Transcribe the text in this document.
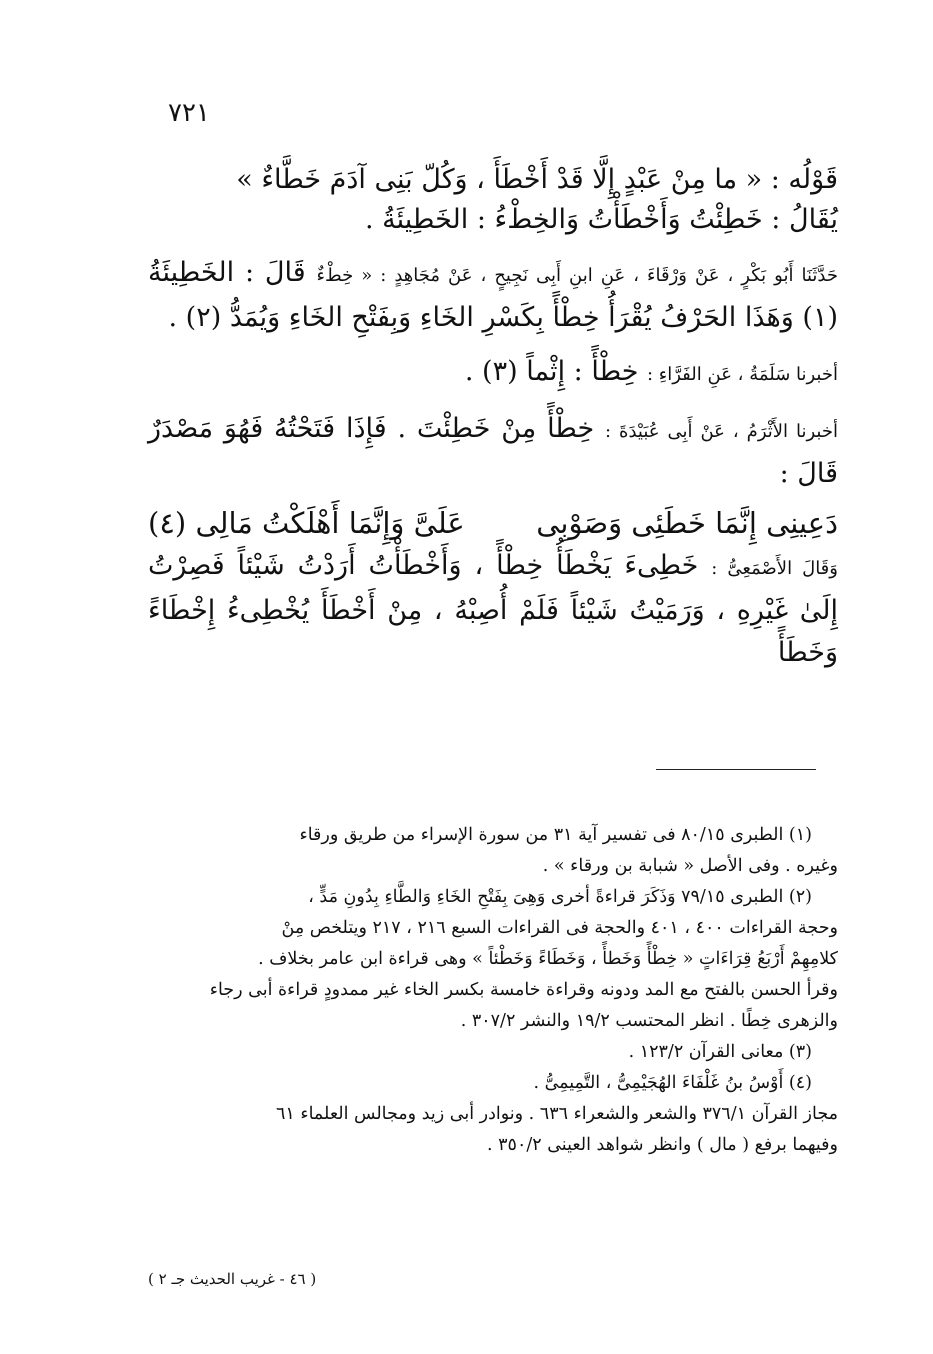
٧٢١

قَوْلُه : « ما مِنْ عَبْدٍ إِلَّا قَدْ أَخْطَأَ ، وَكُلّ بَنِى آدَمَ خَطَّاءٌ »

يُقَالُ : خَطِئْتُ وَأَخْطَأْتُ وَالخِطْءُ : الخَطِيئَةُ .

حَدَّثَنَا أَبُو بَكْرٍ ، عَنْ وَرْقَاءَ ، عَنِ ابنِ أَبِى نَجِيحٍ ، عَنْ مُجَاهِدٍ : « خِطْءٌ قَالَ : الخَطِيئَةُ (١) وَهَذَا الحَرْفُ يُقْرَأُ خِطْأً بِكَسْرِ الخَاءِ وَبِفَتْحِ الخَاءِ وَيُمَدُّ (٢) .

أخبرنا سَلَمَةُ ، عَنِ الفَرَّاءِ : خِطْأً : إِثْماً (٣) .

أخبرنا الأَثْرَمُ ، عَنْ أَبِى عُبَيْدَةَ : خِطْأً مِنْ خَطِئْتَ . فَإِذَا فَتَحْتُهُ فَهُوَ مَصْدَرٌ قَالَ :

دَعِينِى إِنَّمَا خَطَئِى وَصَوْبِى
عَلَىَّ وَإِنَّمَا أَهْلَكْتُ مَالِى (٤)

وَقَالَ الأَصْمَعِىُّ : خَطِىءَ يَخْطَأُ خِطْأً ، وَأَخْطَأْتُ أَرَدْتُ شَيْئاً فَصِرْتُ إِلَىٰ غَيْرِهِ ، وَرَمَيْتُ شَيْئاً فَلَمْ أُصِبْهُ ، مِنْ أَخْطَأَ يُخْطِىءُ إِخْطَاءً وَخَطَأً

(١) الطبرى ٨٠/١٥ فى تفسير آية ٣١ من سورة الإسراء من طريق ورقاء

وغيره . وفى الأصل « شبابة بن ورقاء » .

(٢) الطبرى ٧٩/١٥ وَذَكَرَ قراءةً أخرى وَهِىَ بِفَتْحِ الخَاءِ وَالطَّاءِ بِدُونِ مَدٍّ ،

وحجة القراءات ٤٠٠ ، ٤٠١ والحجة فى القراءات السبع ٢١٦ ، ٢١٧ ويتلخص مِنْ

كلامِهِمْ أَرْبَعُ قِرَاءَاتٍ « خِطْأً وَخَطأً ، وَخَطَاءً وَخَطْئاً » وهى قراءة ابن عامر بخلاف .

وقرأ الحسن بالفتح مع المد ودونه وقراءة خامسة بكسر الخاء غير ممدودٍ قراءة أبى رجاء

والزهرى خِطًا . انظر المحتسب ١٩/٢ والنشر ٣٠٧/٢ .

(٣) معانى القرآن ١٢٣/٢ .

(٤) أَوْسُ بنُ غَلْفَاءَ الهُجَيْمِىُّ ، التَّمِيمِىُّ .

مجاز القرآن ٣٧٦/١ والشعر والشعراء ٦٣٦ . ونوادر أبى زيد ومجالس العلماء ٦١

وفيهما برفع ( مال ) وانظر شواهد العينى ٣٥٠/٢ .

( ٤٦ - غريب الحديث جـ ٢ )
